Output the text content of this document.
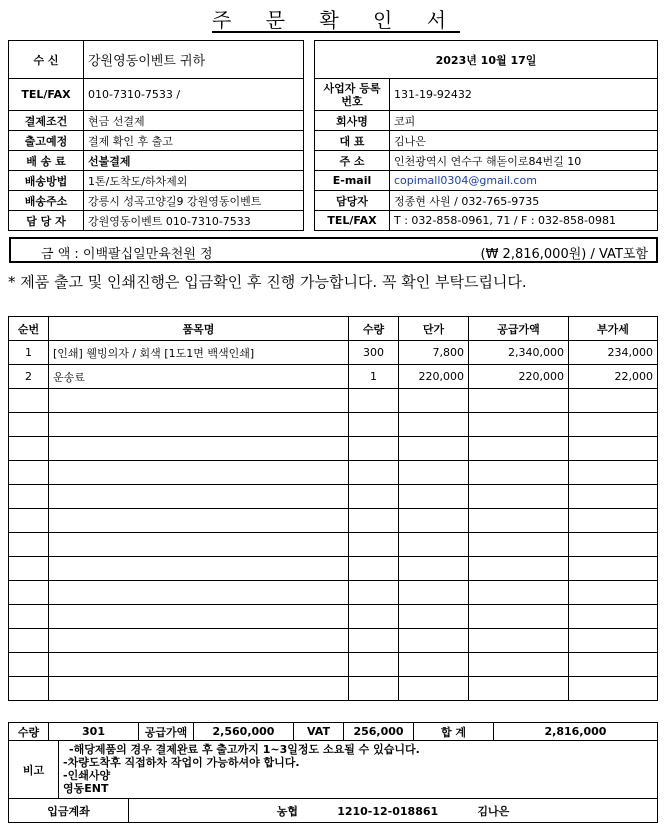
주 문 확 인 서
수 신	강원영동이벤트 귀하
TEL/FAX	010-7310-7533 /
결제조건	현금 선결제
출고예정	결제 확인 후 출고
배 송 료	선불결제
배송방법	1톤/도착도/하차제외
배송주소	강릉시 성곡고양길9 강원영동이벤트
담 당 자	강원영동이벤트 010-7310-7533
2023년 10월 17일	
사업자 등록번호	131-19-92432
회사명	코피
대 표	김나은
주 소	인천광역시 연수구 해돋이로84번길 10
E-mail	copimall0304@gmail.com
담당자	정종현 사원 / 032-765-9735
TEL/FAX	T : 032-858-0961, 71 / F : 032-858-0981
금 액 : 이백팔십일만육천원 정	(₩ 2,816,000원) / VAT포함
* 제품 출고 및 인쇄진행은 입금확인 후 진행 가능합니다. 꼭 확인 부탁드립니다.
순번	품목명	수량	단가	공급가액	부가세
1	[인쇄] 웰빙의자 / 회색 [1도1면 백색인쇄]	300	7,800	2,340,000	234,000
2	운송료	1	220,000	220,000	22,000

수량	301	공급가액	2,560,000	VAT	256,000	합 계	2,816,000
비고	
-해당제품의 경우 결제완료 후 출고까지 1~3일정도 소요될 수 있습니다.
-차량도착후 직접하차 작업이 가능하셔야 합니다.
-인쇄사양
영동ENT
입금계좌	농협	1210-12-018861	김나은
